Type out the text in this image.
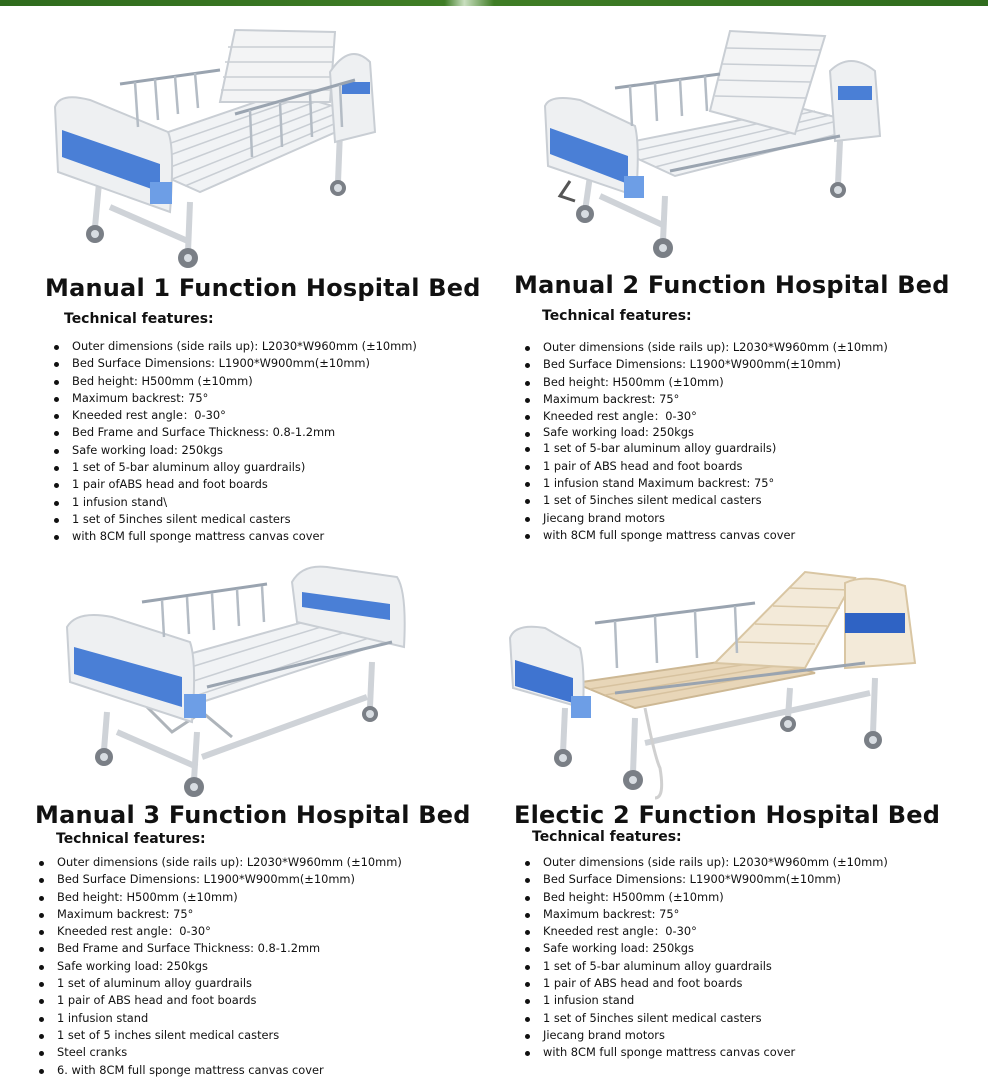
Manual 1 Function Hospital Bed
Technical features:
Outer dimensions (side rails up): L2030*W960mm (±10mm)
Bed Surface Dimensions: L1900*W900mm(±10mm)
Bed height: H500mm (±10mm)
Maximum backrest: 75°
Kneeded rest angle：0-30°
Bed Frame and Surface Thickness: 0.8-1.2mm
Safe working load: 250kgs
1 set of 5-bar aluminum alloy guardrails)
1 pair ofABS head and foot boards
1 infusion stand\
1 set of 5inches silent medical casters
with 8CM full sponge mattress canvas cover
Manual 2 Function Hospital Bed
Technical features:
Outer dimensions (side rails up): L2030*W960mm (±10mm)
Bed Surface Dimensions: L1900*W900mm(±10mm)
Bed height: H500mm (±10mm)
Maximum backrest: 75°
Kneeded rest angle：0-30°
Safe working load: 250kgs
1 set of 5-bar aluminum alloy guardrails)
1 pair of ABS head and foot boards
1 infusion stand Maximum backrest: 75°
1 set of 5inches silent medical casters
Jiecang brand motors
with 8CM full sponge mattress canvas cover
Manual 3 Function Hospital Bed
Technical features:
Outer dimensions (side rails up): L2030*W960mm (±10mm)
Bed Surface Dimensions: L1900*W900mm(±10mm)
Bed height: H500mm (±10mm)
Maximum backrest: 75°
Kneeded rest angle：0-30°
Bed Frame and Surface Thickness: 0.8-1.2mm
Safe working load: 250kgs
1 set of aluminum alloy guardrails
1 pair of ABS head and foot boards
1 infusion stand
1 set of 5 inches silent medical casters
Steel cranks
6. with 8CM full sponge mattress canvas cover
Electic 2 Function Hospital Bed
Technical features:
Outer dimensions (side rails up): L2030*W960mm (±10mm)
Bed Surface Dimensions: L1900*W900mm(±10mm)
Bed height: H500mm (±10mm)
Maximum backrest: 75°
Kneeded rest angle：0-30°
Safe working load: 250kgs
1 set of 5-bar aluminum alloy guardrails
1 pair of ABS head and foot boards
1 infusion stand
1 set of 5inches silent medical casters
Jiecang brand motors
with 8CM full sponge mattress canvas cover
